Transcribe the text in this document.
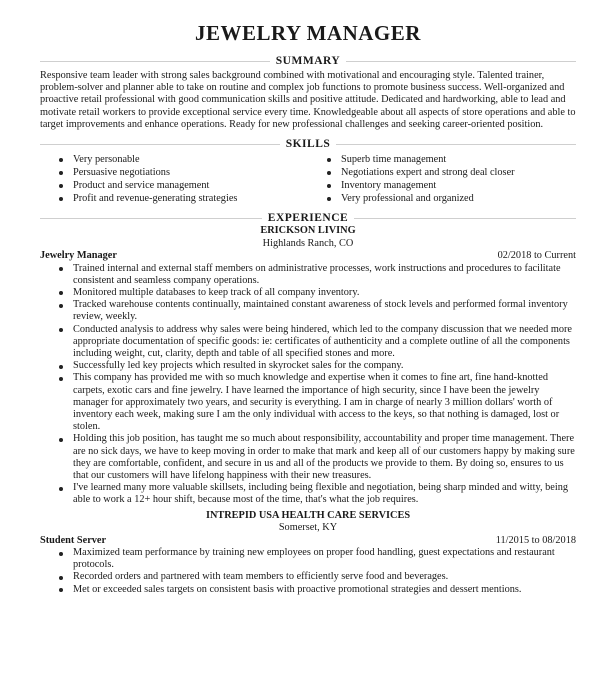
JEWELRY MANAGER
SUMMARY

Responsive team leader with strong sales background combined with motivational and encouraging style. Talented trainer, problem-solver and planner able to take on routine and complex job functions to promote business success. Well-organized and proactive retail professional with good communication skills and positive attitude. Dedicated and hardworking, able to lead and motivate retail workers to provide exceptional service every time. Knowledgeable about all aspects of store operations and able to target improvements and enhance operations. Ready for new professional challenges and seeking career-oriented position.

SKILLS
Very personable
Persuasive negotiations
Product and service management
Profit and revenue-generating strategies
Superb time management
Negotiations expert and strong deal closer
Inventory management
Very professional and organized
EXPERIENCE
ERICKSON LIVING
Highlands Ranch, CO
Jewelry Manager	02/2018 to Current
Trained internal and external staff members on administrative processes, work instructions and procedures to facilitate consistent and seamless company operations.
Monitored multiple databases to keep track of all company inventory.
Tracked warehouse contents continually, maintained constant awareness of stock levels and performed formal inventory review, weekly.
Conducted analysis to address why sales were being hindered, which led to the company discussion that we needed more appropriate documentation of specific goods: ie: certificates of authenticity and a complete outline of all the components including weight, cut, clarity, depth and table of all specified stones and more.
Successfully led key projects which resulted in skyrocket sales for the company.
This company has provided me with so much knowledge and expertise when it comes to fine art, fine hand-knotted carpets, exotic cars and fine jewelry. I have learned the importance of high security, since I have been the jewelry manager for approximately two years, and security is everything. I am in charge of nearly 3 million dollars' worth of inventory each week, making sure I am the only individual with access to the keys, so that nothing is damaged, lost or stolen.
Holding this job position, has taught me so much about responsibility, accountability and proper time management. There are no sick days, we have to keep moving in order to make that mark and keep all of our customers happy by making sure they are comfortable, confident, and secure in us and all of the products we provide to them. By doing so, ensures to us that our customers will have lifelong happiness with their new treasures.
I've learned many more valuable skillsets, including being flexible and negotiation, being sharp minded and witty, being able to work a 12+ hour shift, because most of the time, that's what the job requires.
INTREPID USA HEALTH CARE SERVICES
Somerset, KY
Student Server	11/2015 to 08/2018
Maximized team performance by training new employees on proper food handling, guest expectations and restaurant protocols.
Recorded orders and partnered with team members to efficiently serve food and beverages.
Met or exceeded sales targets on consistent basis with proactive promotional strategies and dessert mentions.
